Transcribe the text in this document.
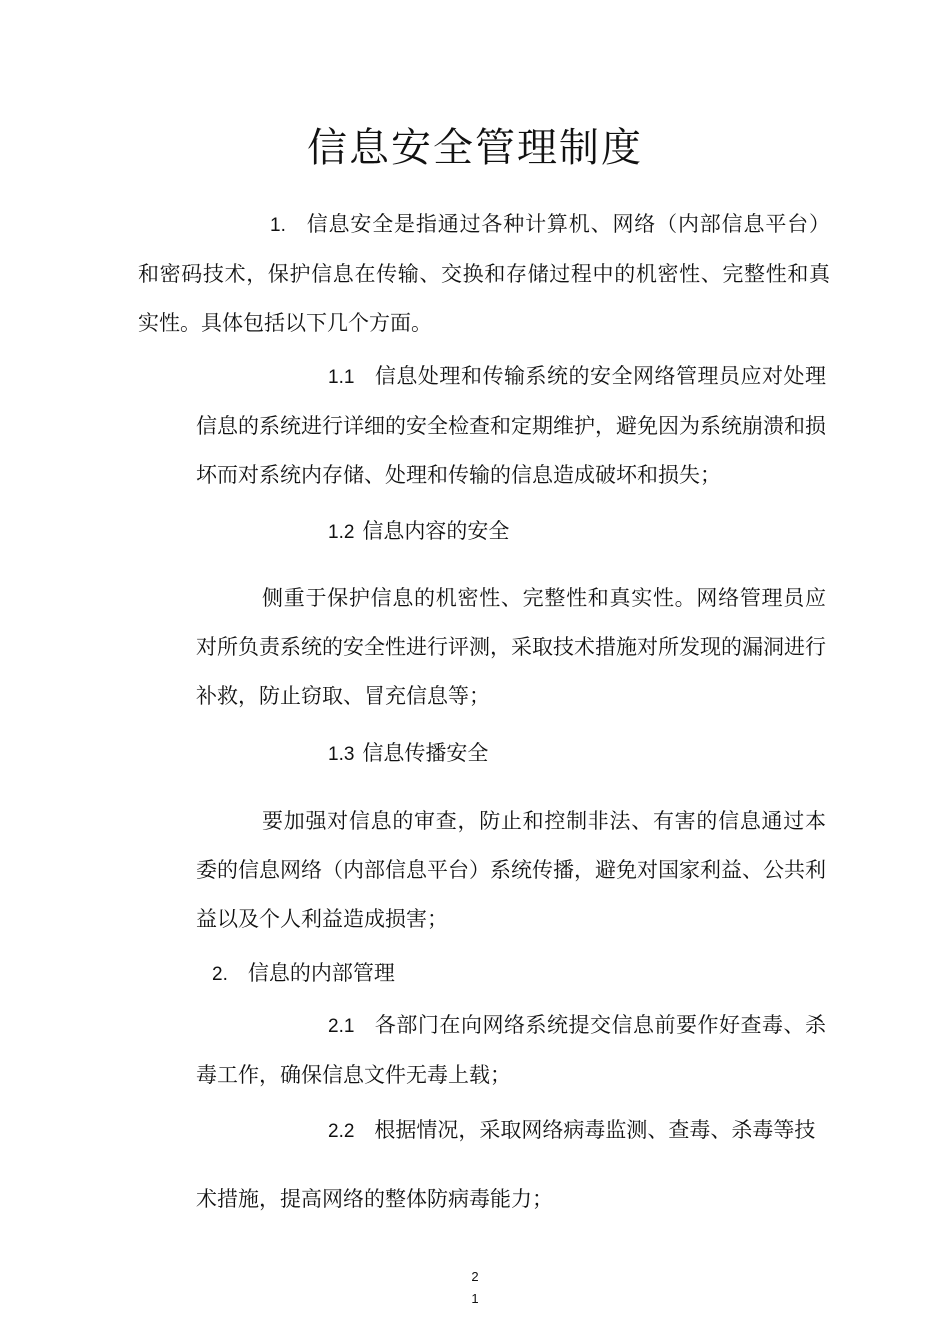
信息安全管理制度
1. 信息安全是指通过各种计算机、网络（内部信息平台）和密码技术，保护信息在传输、交换和存储过程中的机密性、完整性和真实性。具体包括以下几个方面。
1.1 信息处理和传输系统的安全网络管理员应对处理信息的系统进行详细的安全检查和定期维护，避免因为系统崩溃和损坏而对系统内存储、处理和传输的信息造成破坏和损失；
1.2 信息内容的安全
侧重于保护信息的机密性、完整性和真实性。网络管理员应对所负责系统的安全性进行评测，采取技术措施对所发现的漏洞进行补救，防止窃取、冒充信息等；
1.3 信息传播安全
要加强对信息的审查，防止和控制非法、有害的信息通过本委的信息网络（内部信息平台）系统传播，避免对国家利益、公共利益以及个人利益造成损害；
2. 信息的内部管理
2.1 各部门在向网络系统提交信息前要作好查毒、杀毒工作，确保信息文件无毒上载；
2.2 根据情况，采取网络病毒监测、查毒、杀毒等技
术措施，提高网络的整体防病毒能力；
2
1
